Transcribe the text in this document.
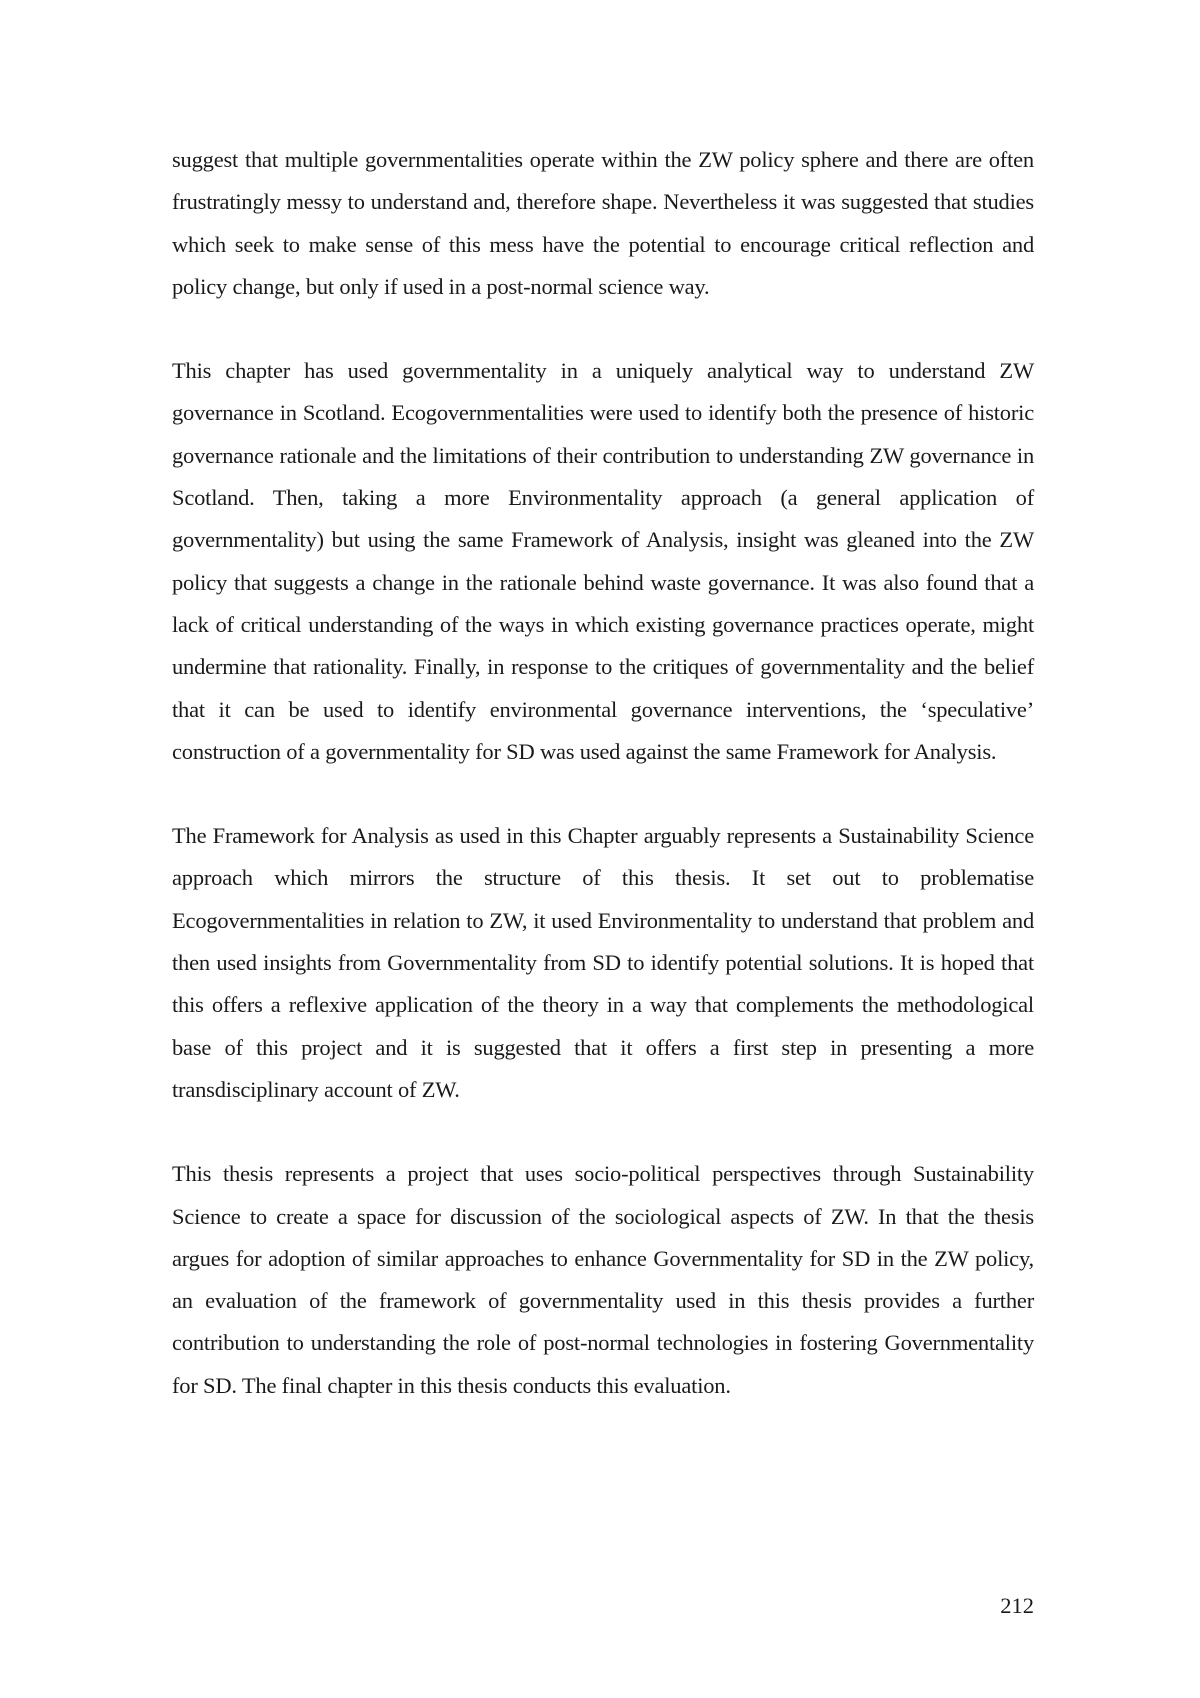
suggest that multiple governmentalities operate within the ZW policy sphere and there are often frustratingly messy to understand and, therefore shape. Nevertheless it was suggested that studies which seek to make sense of this mess have the potential to encourage critical reflection and policy change, but only if used in a post-normal science way.

This chapter has used governmentality in a uniquely analytical way to understand ZW governance in Scotland. Ecogovernmentalities were used to identify both the presence of historic governance rationale and the limitations of their contribution to understanding ZW governance in Scotland. Then, taking a more Environmentality approach (a general application of governmentality) but using the same Framework of Analysis, insight was gleaned into the ZW policy that suggests a change in the rationale behind waste governance. It was also found that a lack of critical understanding of the ways in which existing governance practices operate, might undermine that rationality. Finally, in response to the critiques of governmentality and the belief that it can be used to identify environmental governance interventions, the ‘speculative’ construction of a governmentality for SD was used against the same Framework for Analysis.

The Framework for Analysis as used in this Chapter arguably represents a Sustainability Science approach which mirrors the structure of this thesis. It set out to problematise Ecogovernmentalities in relation to ZW, it used Environmentality to understand that problem and then used insights from Governmentality from SD to identify potential solutions. It is hoped that this offers a reflexive application of the theory in a way that complements the methodological base of this project and it is suggested that it offers a first step in presenting a more transdisciplinary account of ZW.

This thesis represents a project that uses socio-political perspectives through Sustainability Science to create a space for discussion of the sociological aspects of ZW. In that the thesis argues for adoption of similar approaches to enhance Governmentality for SD in the ZW policy, an evaluation of the framework of governmentality used in this thesis provides a further contribution to understanding the role of post-normal technologies in fostering Governmentality for SD. The final chapter in this thesis conducts this evaluation.

212
